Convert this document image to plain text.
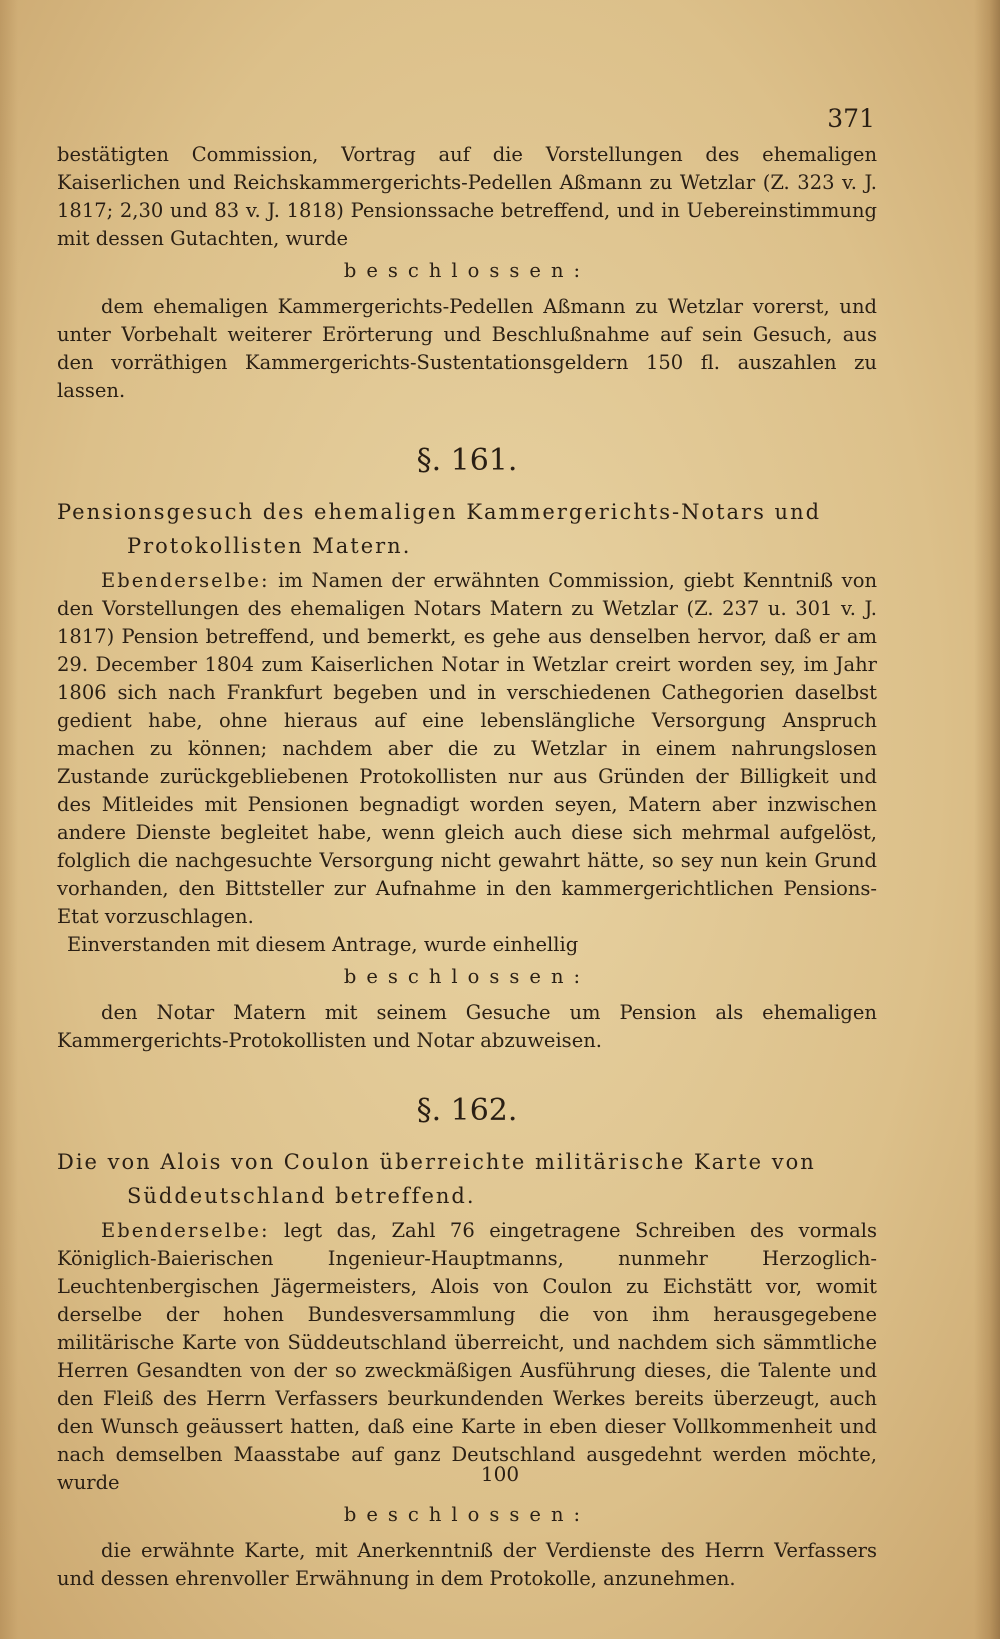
371

bestätigten Commission, Vortrag auf die Vorstellungen des ehemaligen Kaiserlichen und Reichskammergerichts-Pedellen Aßmann zu Wetzlar (Z. 323 v. J. 1817; 2,30 und 83 v. J. 1818) Pensionssache betreffend, und in Uebereinstimmung mit dessen Gutachten, wurde

beschlossen:

dem ehemaligen Kammergerichts-Pedellen Aßmann zu Wetzlar vorerst, und unter Vorbehalt weiterer Erörterung und Beschlußnahme auf sein Gesuch, aus den vorräthigen Kammergerichts-Sustentationsgeldern 150 fl. auszahlen zu lassen.

§. 161.
Pensionsgesuch des ehemaligen Kammergerichts-Notars und Protokollisten Matern.

Ebenderselbe: im Namen der erwähnten Commission, giebt Kenntniß von den Vorstellungen des ehemaligen Notars Matern zu Wetzlar (Z. 237 u. 301 v. J. 1817) Pension betreffend, und bemerkt, es gehe aus denselben hervor, daß er am 29. December 1804 zum Kaiserlichen Notar in Wetzlar creirt worden sey, im Jahr 1806 sich nach Frankfurt begeben und in verschiedenen Cathegorien daselbst gedient habe, ohne hieraus auf eine lebenslängliche Versorgung Anspruch machen zu können; nachdem aber die zu Wetzlar in einem nahrungslosen Zustande zurückgebliebenen Protokollisten nur aus Gründen der Billigkeit und des Mitleides mit Pensionen begnadigt worden seyen, Matern aber inzwischen andere Dienste begleitet habe, wenn gleich auch diese sich mehrmal aufgelöst, folglich die nachgesuchte Versorgung nicht gewahrt hätte, so sey nun kein Grund vorhanden, den Bittsteller zur Aufnahme in den kammergerichtlichen Pensions-Etat vorzuschlagen.

Einverstanden mit diesem Antrage, wurde einhellig

beschlossen:

den Notar Matern mit seinem Gesuche um Pension als ehemaligen Kammergerichts-Protokollisten und Notar abzuweisen.

§. 162.
Die von Alois von Coulon überreichte militärische Karte von Süddeutschland betreffend.

Ebenderselbe: legt das, Zahl 76 eingetragene Schreiben des vormals Königlich-Baierischen Ingenieur-Hauptmanns, nunmehr Herzoglich-Leuchtenbergischen Jägermeisters, Alois von Coulon zu Eichstätt vor, womit derselbe der hohen Bundesversammlung die von ihm herausgegebene militärische Karte von Süddeutschland überreicht, und nachdem sich sämmtliche Herren Gesandten von der so zweckmäßigen Ausführung dieses, die Talente und den Fleiß des Herrn Verfassers beurkundenden Werkes bereits überzeugt, auch den Wunsch geäussert hatten, daß eine Karte in eben dieser Vollkommenheit und nach demselben Maasstabe auf ganz Deutschland ausgedehnt werden möchte, wurde

beschlossen:

die erwähnte Karte, mit Anerkenntniß der Verdienste des Herrn Verfassers und dessen ehrenvoller Erwähnung in dem Protokolle, anzunehmen.

100
